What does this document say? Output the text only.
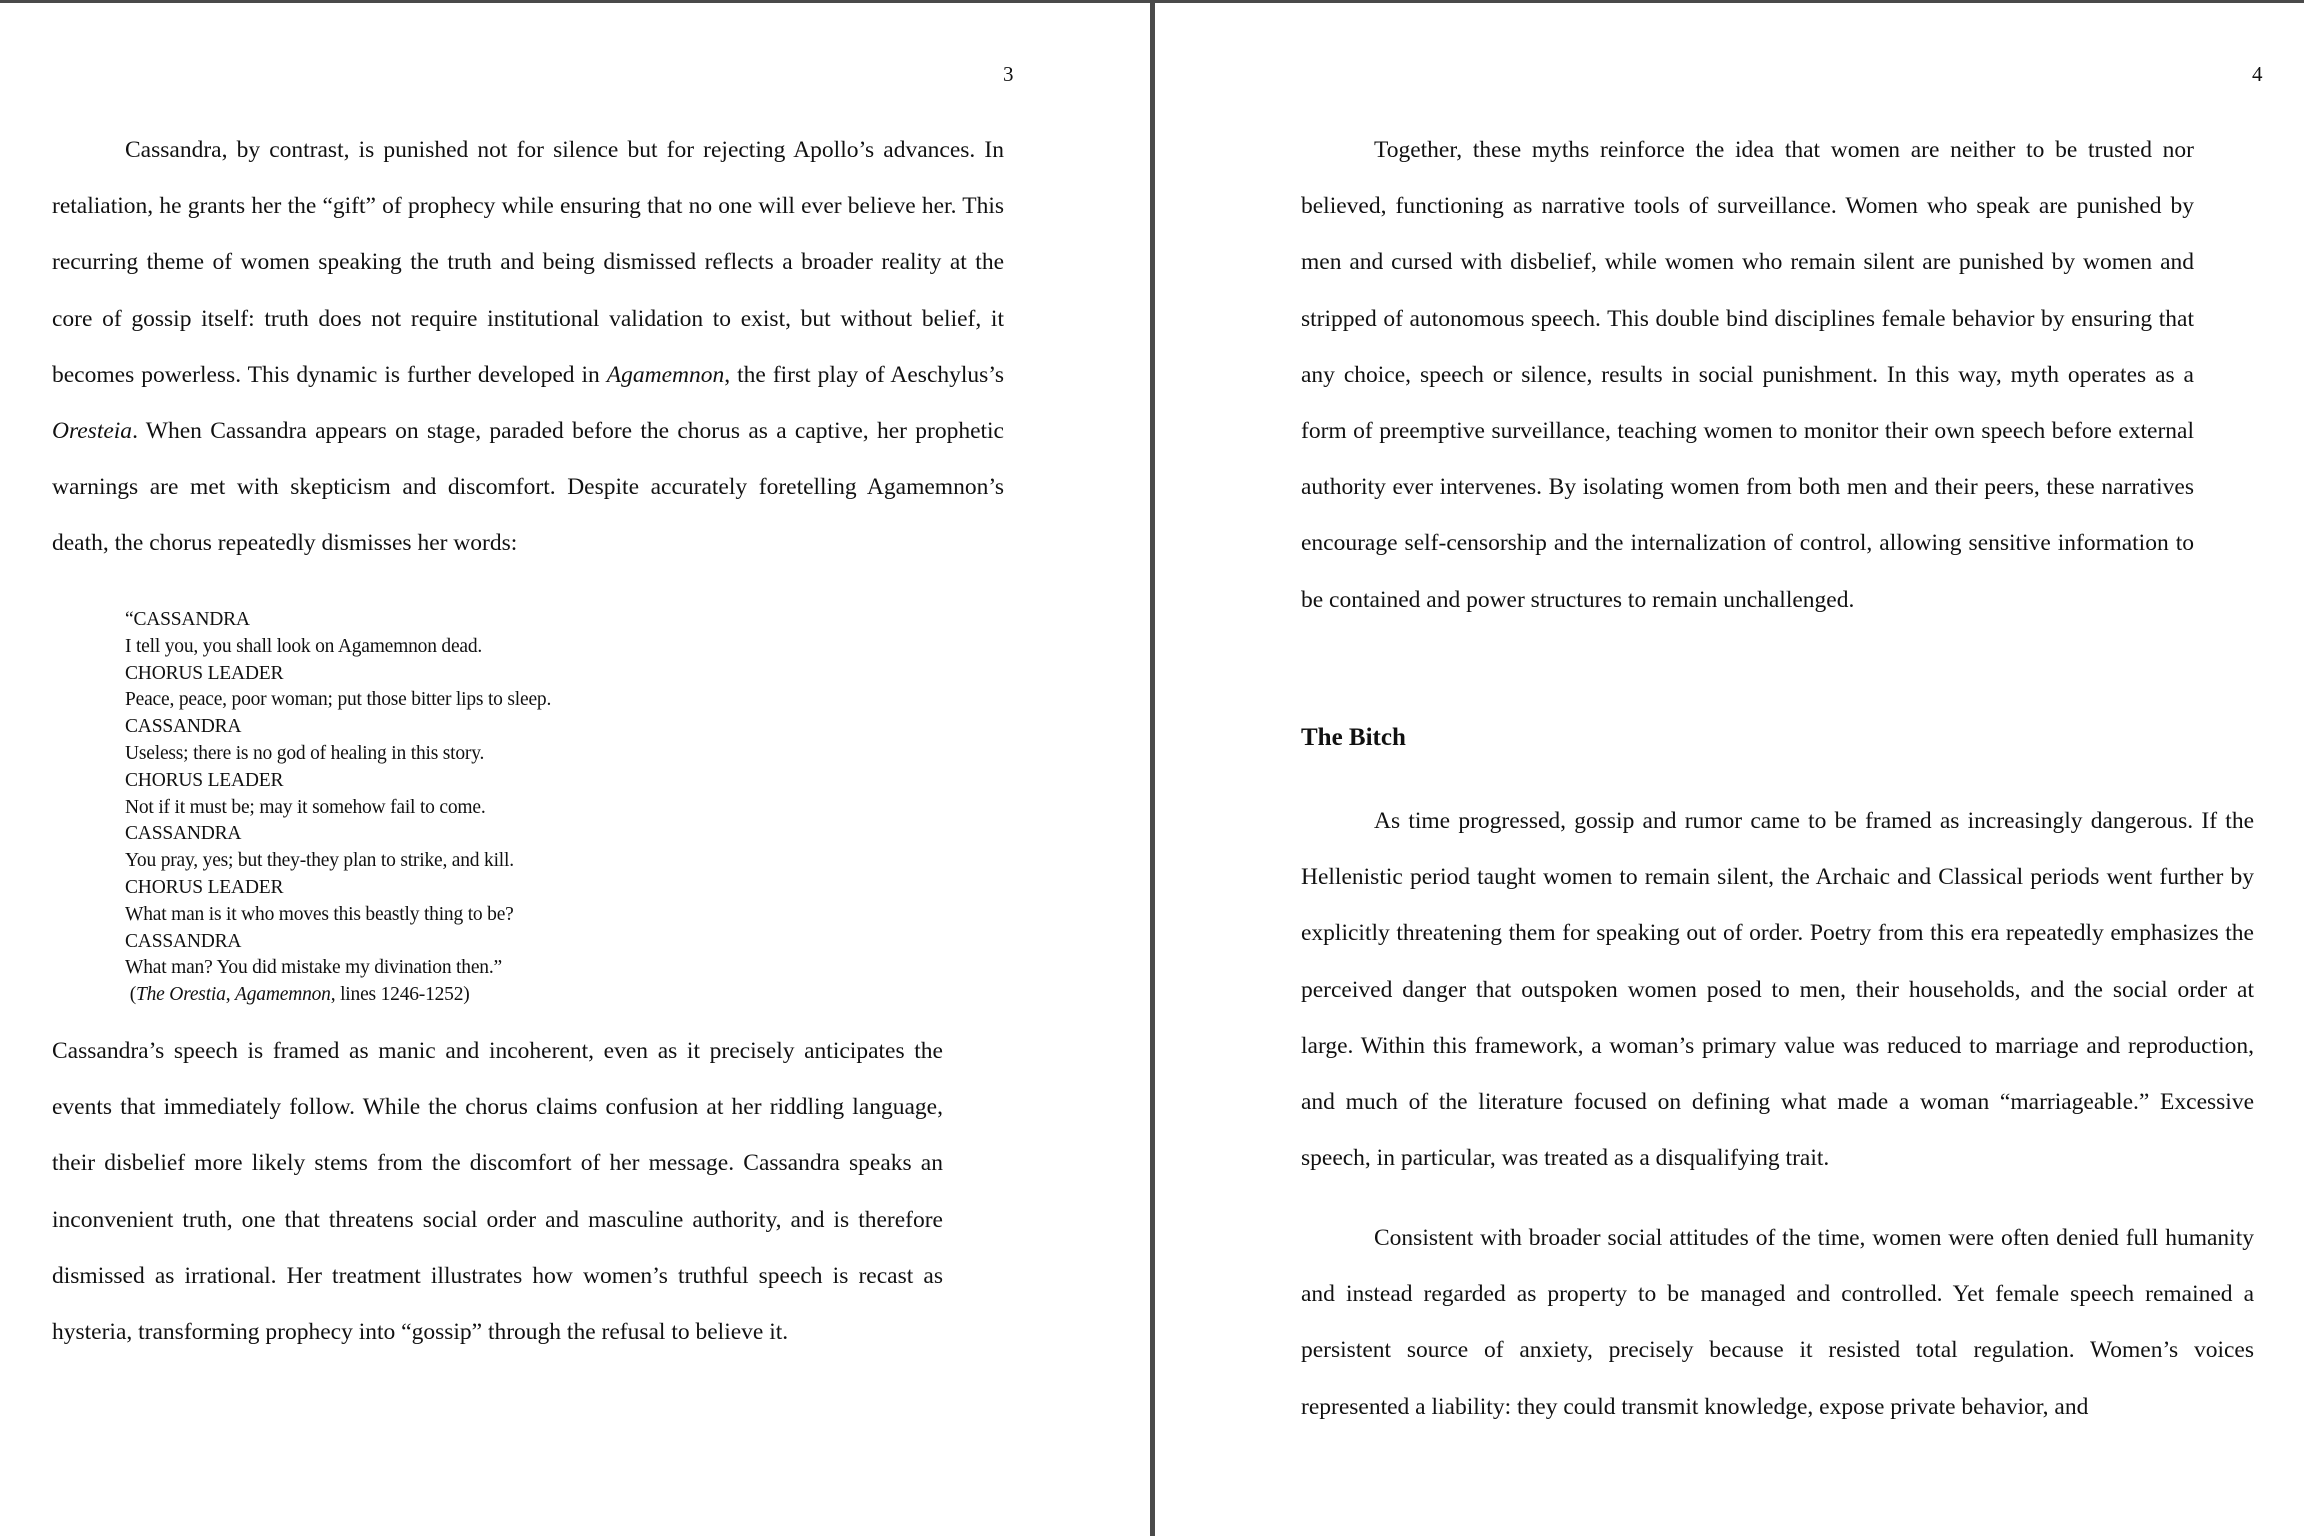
3

Cassandra, by contrast, is punished not for silence but for rejecting Apollo’s advances. In retaliation, he grants her the “gift” of prophecy while ensuring that no one will ever believe her. This recurring theme of women speaking the truth and being dismissed reflects a broader reality at the core of gossip itself: truth does not require institutional validation to exist, but without belief, it becomes powerless. This dynamic is further developed in Agamemnon, the first play of Aeschylus’s Oresteia. When Cassandra appears on stage, paraded before the chorus as a captive, her prophetic warnings are met with skepticism and discomfort. Despite accurately foretelling Agamemnon’s death, the chorus repeatedly dismisses her words:

“CASSANDRA
I tell you, you shall look on Agamemnon dead.
CHORUS LEADER
Peace, peace, poor woman; put those bitter lips to sleep.
CASSANDRA
Useless; there is no god of healing in this story.
CHORUS LEADER
Not if it must be; may it somehow fail to come.
CASSANDRA
You pray, yes; but they-they plan to strike, and kill.
CHORUS LEADER
What man is it who moves this beastly thing to be?
CASSANDRA
What man? You did mistake my divination then.”
(The Orestia, Agamemnon, lines 1246-1252)

Cassandra’s speech is framed as manic and incoherent, even as it precisely anticipates the events that immediately follow. While the chorus claims confusion at her riddling language, their disbelief more likely stems from the discomfort of her message. Cassandra speaks an inconvenient truth, one that threatens social order and masculine authority, and is therefore dismissed as irrational. Her treatment illustrates how women’s truthful speech is recast as hysteria, transforming prophecy into “gossip” through the refusal to believe it.

4

Together, these myths reinforce the idea that women are neither to be trusted nor believed, functioning as narrative tools of surveillance. Women who speak are punished by men and cursed with disbelief, while women who remain silent are punished by women and stripped of autonomous speech. This double bind disciplines female behavior by ensuring that any choice, speech or silence, results in social punishment. In this way, myth operates as a form of preemptive surveillance, teaching women to monitor their own speech before external authority ever intervenes. By isolating women from both men and their peers, these narratives encourage self-censorship and the internalization of control, allowing sensitive information to be contained and power structures to remain unchallenged.

The Bitch

As time progressed, gossip and rumor came to be framed as increasingly dangerous. If the Hellenistic period taught women to remain silent, the Archaic and Classical periods went further by explicitly threatening them for speaking out of order. Poetry from this era repeatedly emphasizes the perceived danger that outspoken women posed to men, their households, and the social order at large. Within this framework, a woman’s primary value was reduced to marriage and reproduction, and much of the literature focused on defining what made a woman “marriageable.” Excessive speech, in particular, was treated as a disqualifying trait.

Consistent with broader social attitudes of the time, women were often denied full humanity and instead regarded as property to be managed and controlled. Yet female speech remained a persistent source of anxiety, precisely because it resisted total regulation. Women’s voices represented a liability: they could transmit knowledge, expose private behavior, and
